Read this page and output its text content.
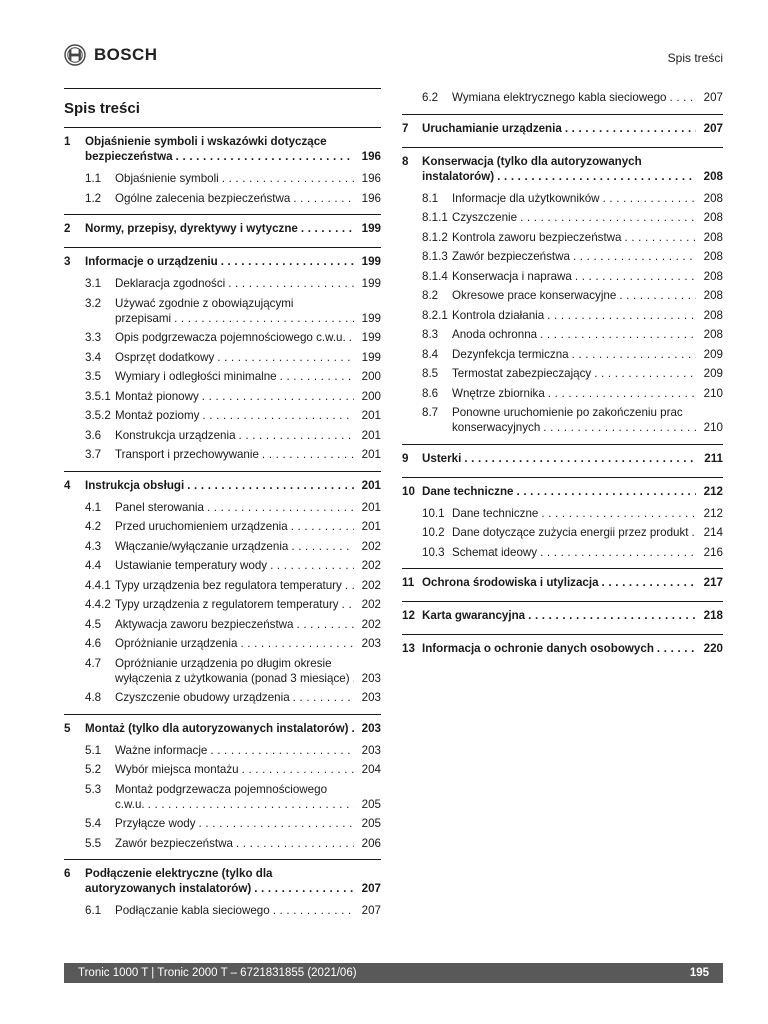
BOSCH	Spis treści
Spis treści
1	Objaśnienie symboli i wskazówki dotyczące
bezpieczeństwa . . .	196
1.1	Objaśnienie symboli . . .	196
1.2	Ogólne zalecenia bezpieczeństwa . . .	196
2	Normy, przepisy, dyrektywy i wytyczne . . .	199
3	Informacje o urządzeniu . . .	199
3.1	Deklaracja zgodności . . .	199
3.2	Używać zgodnie z obowiązującymi
przepisami . . .	199
3.3	Opis podgrzewacza pojemnościowego c.w.u. . . .	199
3.4	Osprzęt dodatkowy . . .	199
3.5	Wymiary i odległości minimalne . . .	200
3.5.1 Montaż pionowy . . .	200
3.5.2 Montaż poziomy . . .	201
3.6	Konstrukcja urządzenia . . .	201
3.7	Transport i przechowywanie . . .	201
4	Instrukcja obsługi . . .	201
4.1	Panel sterowania . . .	201
4.2	Przed uruchomieniem urządzenia . . .	201
4.3	Włączanie/wyłączanie urządzenia . . .	202
4.4	Ustawianie temperatury wody . . .	202
4.4.1 Typy urządzenia bez regulatora temperatury . . .	202
4.4.2 Typy urządzenia z regulatorem temperatury . . .	202
4.5	Aktywacja zaworu bezpieczeństwa . . .	202
4.6	Opróżnianie urządzenia . . .	203
4.7	Opróżnianie urządzenia po długim okresie
wyłączenia z użytkowania (ponad 3 miesiące) . . .	203
4.8	Czyszczenie obudowy urządzenia . . .	203
5	Montaż (tylko dla autoryzowanych instalatorów) . . .	203
5.1	Ważne informacje . . .	203
5.2	Wybór miejsca montażu . . .	204
5.3	Montaż podgrzewacza pojemnościowego
c.w.u. . . .	205
5.4	Przyłącze wody . . .	205
5.5	Zawór bezpieczeństwa . . .	206
6	Podłączenie elektryczne (tylko dla
autoryzowanych instalatorów) . . .	207
6.1	Podłączanie kabla sieciowego . . .	207
6.2	Wymiana elektrycznego kabla sieciowego . . .	207
7	Uruchamianie urządzenia . . .	207
8	Konserwacja (tylko dla autoryzowanych
instalatorów) . . .	208
8.1	Informacje dla użytkowników . . .	208
8.1.1 Czyszczenie . . .	208
8.1.2 Kontrola zaworu bezpieczeństwa . . .	208
8.1.3 Zawór bezpieczeństwa . . .	208
8.1.4 Konserwacja i naprawa . . .	208
8.2	Okresowe prace konserwacyjne . . .	208
8.2.1 Kontrola działania . . .	208
8.3	Anoda ochronna . . .	208
8.4	Dezynfekcja termiczna . . .	209
8.5	Termostat zabezpieczający . . .	209
8.6	Wnętrze zbiornika . . .	210
8.7	Ponowne uruchomienie po zakończeniu prac
konserwacyjnych . . .	210
9	Usterki . . .	211
10 Dane techniczne . . .	212
10.1 Dane techniczne . . .	212
10.2 Dane dotyczące zużycia energii przez produkt . . .	214
10.3 Schemat ideowy . . .	216
11 Ochrona środowiska i utylizacja . . .	217
12 Karta gwarancyjna . . .	218
13 Informacja o ochronie danych osobowych . . .	220
Tronic 1000 T | Tronic 2000 T – 6721831855 (2021/06)	195
